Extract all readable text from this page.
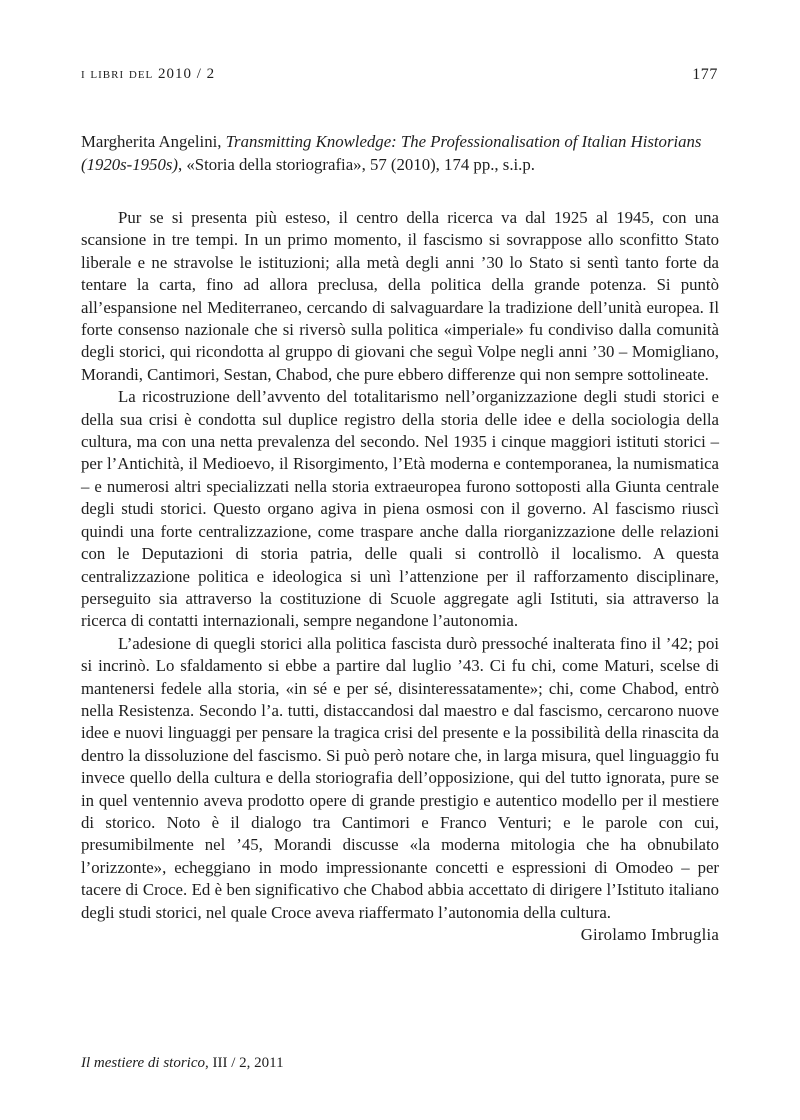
i libri del 2010 / 2	177
Margherita Angelini, Transmitting Knowledge: The Professionalisation of Italian Historians (1920s-1950s), «Storia della storiografia», 57 (2010), 174 pp., s.i.p.

Pur se si presenta più esteso, il centro della ricerca va dal 1925 al 1945, con una scansione in tre tempi. In un primo momento, il fascismo si sovrappose allo sconfitto Stato liberale e ne stravolse le istituzioni; alla metà degli anni ’30 lo Stato si sentì tanto forte da tentare la carta, fino ad allora preclusa, della politica della grande potenza. Si puntò all’espansione nel Mediterraneo, cercando di salvaguardare la tradizione dell’unità europea. Il forte consenso nazionale che si riversò sulla politica «imperiale» fu condiviso dalla comunità degli storici, qui ricondotta al gruppo di giovani che seguì Volpe negli anni ’30 – Momigliano, Morandi, Cantimori, Sestan, Chabod, che pure ebbero differenze qui non sempre sottolineate.

La ricostruzione dell’avvento del totalitarismo nell’organizzazione degli studi storici e della sua crisi è condotta sul duplice registro della storia delle idee e della sociologia della cultura, ma con una netta prevalenza del secondo. Nel 1935 i cinque maggiori istituti storici – per l’Antichità, il Medioevo, il Risorgimento, l’Età moderna e contemporanea, la numismatica – e numerosi altri specializzati nella storia extraeuropea furono sottoposti alla Giunta centrale degli studi storici. Questo organo agiva in piena osmosi con il governo. Al fascismo riuscì quindi una forte centralizzazione, come traspare anche dalla riorganizzazione delle relazioni con le Deputazioni di storia patria, delle quali si controllò il localismo. A questa centralizzazione politica e ideologica si unì l’attenzione per il rafforzamento disciplinare, perseguito sia attraverso la costituzione di Scuole aggregate agli Istituti, sia attraverso la ricerca di contatti internazionali, sempre negandone l’autonomia.

L’adesione di quegli storici alla politica fascista durò pressoché inalterata fino il ’42; poi si incrinò. Lo sfaldamento si ebbe a partire dal luglio ’43. Ci fu chi, come Maturi, scelse di mantenersi fedele alla storia, «in sé e per sé, disinteressatamente»; chi, come Chabod, entrò nella Resistenza. Secondo l’a. tutti, distaccandosi dal maestro e dal fascismo, cercarono nuove idee e nuovi linguaggi per pensare la tragica crisi del presente e la possibilità della rinascita da dentro la dissoluzione del fascismo. Si può però notare che, in larga misura, quel linguaggio fu invece quello della cultura e della storiografia dell’opposizione, qui del tutto ignorata, pure se in quel ventennio aveva prodotto opere di grande prestigio e autentico modello per il mestiere di storico. Noto è il dialogo tra Cantimori e Franco Venturi; e le parole con cui, presumibilmente nel ’45, Morandi discusse «la moderna mitologia che ha obnubilato l’orizzonte», echeggiano in modo impressionante concetti e espressioni di Omodeo – per tacere di Croce. Ed è ben significativo che Chabod abbia accettato di dirigere l’Istituto italiano degli studi storici, nel quale Croce aveva riaffermato l’autonomia della cultura.

Girolamo Imbruglia
Il mestiere di storico, III / 2, 2011
